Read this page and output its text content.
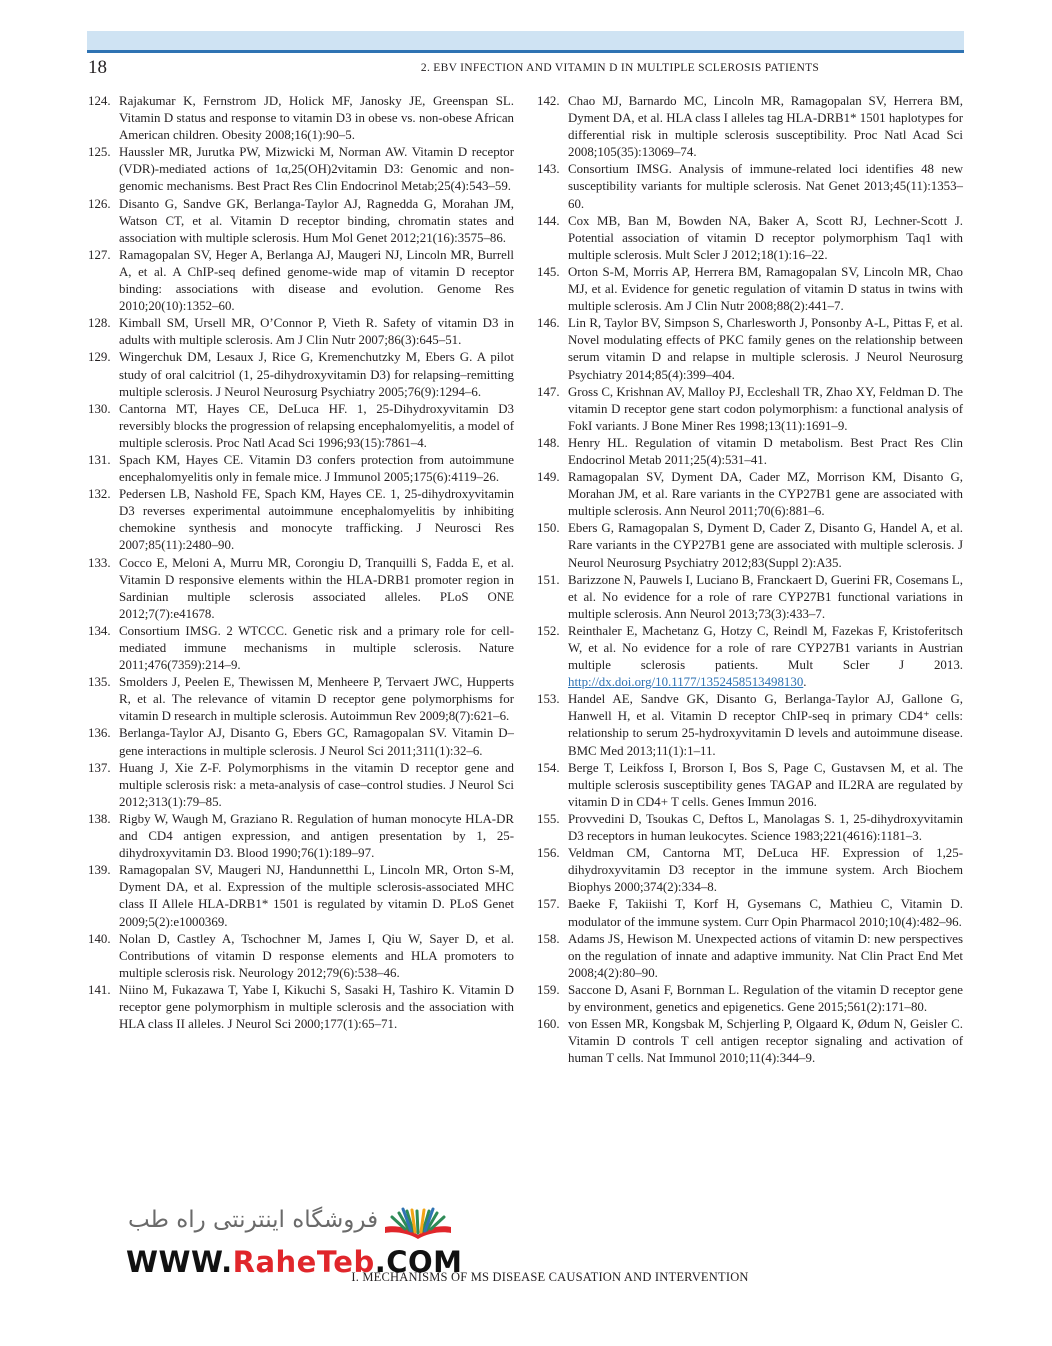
18	2. EBV INFECTION AND VITAMIN D IN MULTIPLE SCLEROSIS PATIENTS
124. Rajakumar K, Fernstrom JD, Holick MF, Janosky JE, Greenspan SL. Vitamin D status and response to vitamin D3 in obese vs. non-obese African American children. Obesity 2008;16(1):90–5.
125. Haussler MR, Jurutka PW, Mizwicki M, Norman AW. Vitamin D receptor (VDR)-mediated actions of 1α,25(OH)2vitamin D3: Genomic and non-genomic mechanisms. Best Pract Res Clin Endocrinol Metab;25(4):543–59.
126. Disanto G, Sandve GK, Berlanga-Taylor AJ, Ragnedda G, Morahan JM, Watson CT, et al. Vitamin D receptor binding, chromatin states and association with multiple sclerosis. Hum Mol Genet 2012;21(16):3575–86.
127. Ramagopalan SV, Heger A, Berlanga AJ, Maugeri NJ, Lincoln MR, Burrell A, et al. A ChIP-seq defined genome-wide map of vitamin D receptor binding: associations with disease and evolution. Genome Res 2010;20(10):1352–60.
128. Kimball SM, Ursell MR, O’Connor P, Vieth R. Safety of vitamin D3 in adults with multiple sclerosis. Am J Clin Nutr 2007;86(3):645–51.
129. Wingerchuk DM, Lesaux J, Rice G, Kremenchutzky M, Ebers G. A pilot study of oral calcitriol (1, 25-dihydroxyvitamin D3) for relapsing–remitting multiple sclerosis. J Neurol Neurosurg Psychiatry 2005;76(9):1294–6.
130. Cantorna MT, Hayes CE, DeLuca HF. 1, 25-Dihydroxyvitamin D3 reversibly blocks the progression of relapsing encephalomyelitis, a model of multiple sclerosis. Proc Natl Acad Sci 1996;93(15):7861–4.
131. Spach KM, Hayes CE. Vitamin D3 confers protection from autoimmune encephalomyelitis only in female mice. J Immunol 2005;175(6):4119–26.
132. Pedersen LB, Nashold FE, Spach KM, Hayes CE. 1, 25-dihydroxyvitamin D3 reverses experimental autoimmune encephalomyelitis by inhibiting chemokine synthesis and monocyte trafficking. J Neurosci Res 2007;85(11):2480–90.
133. Cocco E, Meloni A, Murru MR, Corongiu D, Tranquilli S, Fadda E, et al. Vitamin D responsive elements within the HLA-DRB1 promoter region in Sardinian multiple sclerosis associated alleles. PLoS ONE 2012;7(7):e41678.
134. Consortium IMSG. 2 WTCCC. Genetic risk and a primary role for cell-mediated immune mechanisms in multiple sclerosis. Nature 2011;476(7359):214–9.
135. Smolders J, Peelen E, Thewissen M, Menheere P, Tervaert JWC, Hupperts R, et al. The relevance of vitamin D receptor gene polymorphisms for vitamin D research in multiple sclerosis. Autoimmun Rev 2009;8(7):621–6.
136. Berlanga-Taylor AJ, Disanto G, Ebers GC, Ramagopalan SV. Vitamin D–gene interactions in multiple sclerosis. J Neurol Sci 2011;311(1):32–6.
137. Huang J, Xie Z-F. Polymorphisms in the vitamin D receptor gene and multiple sclerosis risk: a meta-analysis of case–control studies. J Neurol Sci 2012;313(1):79–85.
138. Rigby W, Waugh M, Graziano R. Regulation of human monocyte HLA-DR and CD4 antigen expression, and antigen presentation by 1, 25-dihydroxyvitamin D3. Blood 1990;76(1):189–97.
139. Ramagopalan SV, Maugeri NJ, Handunnetthi L, Lincoln MR, Orton S-M, Dyment DA, et al. Expression of the multiple sclerosis-associated MHC class II Allele HLA-DRB1* 1501 is regulated by vitamin D. PLoS Genet 2009;5(2):e1000369.
140. Nolan D, Castley A, Tschochner M, James I, Qiu W, Sayer D, et al. Contributions of vitamin D response elements and HLA promoters to multiple sclerosis risk. Neurology 2012;79(6):538–46.
141. Niino M, Fukazawa T, Yabe I, Kikuchi S, Sasaki H, Tashiro K. Vitamin D receptor gene polymorphism in multiple sclerosis and the association with HLA class II alleles. J Neurol Sci 2000;177(1):65–71.
142. Chao MJ, Barnardo MC, Lincoln MR, Ramagopalan SV, Herrera BM, Dyment DA, et al. HLA class I alleles tag HLA-DRB1* 1501 haplotypes for differential risk in multiple sclerosis susceptibility. Proc Natl Acad Sci 2008;105(35):13069–74.
143. Consortium IMSG. Analysis of immune-related loci identifies 48 new susceptibility variants for multiple sclerosis. Nat Genet 2013;45(11):1353–60.
144. Cox MB, Ban M, Bowden NA, Baker A, Scott RJ, Lechner-Scott J. Potential association of vitamin D receptor polymorphism Taq1 with multiple sclerosis. Mult Scler J 2012;18(1):16–22.
145. Orton S-M, Morris AP, Herrera BM, Ramagopalan SV, Lincoln MR, Chao MJ, et al. Evidence for genetic regulation of vitamin D status in twins with multiple sclerosis. Am J Clin Nutr 2008;88(2):441–7.
146. Lin R, Taylor BV, Simpson S, Charlesworth J, Ponsonby A-L, Pittas F, et al. Novel modulating effects of PKC family genes on the relationship between serum vitamin D and relapse in multiple sclerosis. J Neurol Neurosurg Psychiatry 2014;85(4):399–404.
147. Gross C, Krishnan AV, Malloy PJ, Eccleshall TR, Zhao XY, Feldman D. The vitamin D receptor gene start codon polymorphism: a functional analysis of FokI variants. J Bone Miner Res 1998;13(11):1691–9.
148. Henry HL. Regulation of vitamin D metabolism. Best Pract Res Clin Endocrinol Metab 2011;25(4):531–41.
149. Ramagopalan SV, Dyment DA, Cader MZ, Morrison KM, Disanto G, Morahan JM, et al. Rare variants in the CYP27B1 gene are associated with multiple sclerosis. Ann Neurol 2011;70(6):881–6.
150. Ebers G, Ramagopalan S, Dyment D, Cader Z, Disanto G, Handel A, et al. Rare variants in the CYP27B1 gene are associated with multiple sclerosis. J Neurol Neurosurg Psychiatry 2012;83(Suppl 2):A35.
151. Barizzone N, Pauwels I, Luciano B, Franckaert D, Guerini FR, Cosemans L, et al. No evidence for a role of rare CYP27B1 functional variations in multiple sclerosis. Ann Neurol 2013;73(3):433–7.
152. Reinthaler E, Machetanz G, Hotzy C, Reindl M, Fazekas F, Kristoferitsch W, et al. No evidence for a role of rare CYP27B1 variants in Austrian multiple sclerosis patients. Mult Scler J 2013. http://dx.doi.org/10.1177/1352458513498130.
153. Handel AE, Sandve GK, Disanto G, Berlanga-Taylor AJ, Gallone G, Hanwell H, et al. Vitamin D receptor ChIP-seq in primary CD4⁺ cells: relationship to serum 25-hydroxyvitamin D levels and autoimmune disease. BMC Med 2013;11(1):1–11.
154. Berge T, Leikfoss I, Brorson I, Bos S, Page C, Gustavsen M, et al. The multiple sclerosis susceptibility genes TAGAP and IL2RA are regulated by vitamin D in CD4+ T cells. Genes Immun 2016.
155. Provvedini D, Tsoukas C, Deftos L, Manolagas S. 1, 25-dihydroxyvitamin D3 receptors in human leukocytes. Science 1983;221(4616):1181–3.
156. Veldman CM, Cantorna MT, DeLuca HF. Expression of 1,25-dihydroxyvitamin D3 receptor in the immune system. Arch Biochem Biophys 2000;374(2):334–8.
157. Baeke F, Takiishi T, Korf H, Gysemans C, Mathieu C, Vitamin D. modulator of the immune system. Curr Opin Pharmacol 2010;10(4):482–96.
158. Adams JS, Hewison M. Unexpected actions of vitamin D: new perspectives on the regulation of innate and adaptive immunity. Nat Clin Pract End Met 2008;4(2):80–90.
159. Saccone D, Asani F, Bornman L. Regulation of the vitamin D receptor gene by environment, genetics and epigenetics. Gene 2015;561(2):171–80.
160. von Essen MR, Kongsbak M, Schjerling P, Olgaard K, Ødum N, Geisler C. Vitamin D controls T cell antigen receptor signaling and activation of human T cells. Nat Immunol 2010;11(4):344–9.
فروشگاه اینترنتی راه طب
WWW.RaheTeb.COM
I. MECHANISMS OF MS DISEASE CAUSATION AND INTERVENTION
